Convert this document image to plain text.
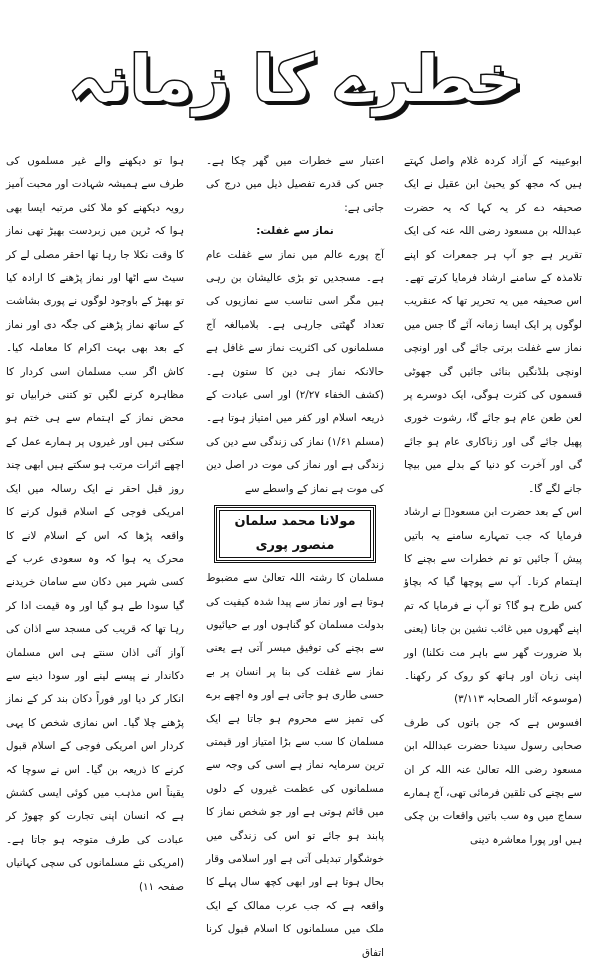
خطرے کا زمانہ

ابوعیینہ کے آزاد کردہ غلام واصل کہتے ہیں کہ مجھ کو یحییٰ ابن عقیل نے ایک صحیفہ دے کر یہ کہا کہ یہ حضرت عبداللہ بن مسعود رضی اللہ عنہ کی ایک تقریر ہے جو آپ ہر جمعرات کو اپنے تلامذہ کے سامنے ارشاد فرمایا کرتے تھے۔ اس صحیفہ میں یہ تحریر تھا کہ عنقریب لوگوں پر ایک ایسا زمانہ آئے گا جس میں نماز سے غفلت برتی جائے گی اور اونچی اونچی بلڈنگیں بنائی جائیں گی جھوٹی قسموں کی کثرت ہوگی، ایک دوسرے پر لعن طعن عام ہو جائے گا، رشوت خوری پھیل جائے گی اور زناکاری عام ہو جائے گی اور آخرت کو دنیا کے بدلے میں بیچا جانے لگے گا۔

اس کے بعد حضرت ابن مسعودؓ نے ارشاد فرمایا کہ جب تمہارے سامنے یہ باتیں پیش آ جائیں تو تم خطرات سے بچنے کا اہتمام کرنا۔ آپ سے پوچھا گیا کہ بچاؤ کس طرح ہو گا؟ تو آپ نے فرمایا کہ تم اپنے گھروں میں غائب نشین بن جانا (یعنی بلا ضرورت گھر سے باہر مت نکلنا) اور اپنی زبان اور ہاتھ کو روک کر رکھنا۔ (موسوعہ آثار الصحابہ ۳/۱۱۳)

افسوس ہے کہ جن باتوں کی طرف صحابی رسول سیدنا حضرت عبداللہ ابن مسعود رضی اللہ تعالیٰ عنہ اللہ کر ان سے بچنے کی تلقین فرمائی تھی، آج ہمارے سماج میں وہ سب باتیں واقعات بن چکی ہیں اور پورا معاشرہ دینی

اعتبار سے خطرات میں گھر چکا ہے۔ جس کی قدرے تفصیل ذیل میں درج کی جاتی ہے:

نماز سے غفلت:

آج پورے عالم میں نماز سے غفلت عام ہے۔ مسجدیں تو بڑی عالیشان بن رہی ہیں مگر اسی تناسب سے نمازیوں کی تعداد گھٹتی جارہی ہے۔ بلامبالغہ آج مسلمانوں کی اکثریت نماز سے غافل ہے حالانکہ نماز ہی دین کا ستون ہے۔ (کشف الخفاء ۲/۲۷) اور اسی عبادت کے ذریعہ اسلام اور کفر میں امتیاز ہوتا ہے۔ (مسلم ۱/۶۱) نماز کی زندگی سے دین کی زندگی ہے اور نماز کی موت در اصل دین کی موت ہے نماز کے واسطے سے

مولانا محمد سلمان منصور پوری

مسلمان کا رشتہ اللہ تعالیٰ سے مضبوط ہوتا ہے اور نماز سے پیدا شدہ کیفیت کی بدولت مسلمان کو گناہوں اور بے حیائیوں سے بچنے کی توفیق میسر آتی ہے یعنی نماز سے غفلت کی بنا پر انسان پر بے حسی طاری ہو جاتی ہے اور وہ اچھے برے کی تمیز سے محروم ہو جاتا ہے ایک مسلمان کا سب سے بڑا امتیاز اور قیمتی ترین سرمایہ نماز ہے اسی کی وجہ سے مسلمانوں کی عظمت غیروں کے دلوں میں قائم ہوتی ہے اور جو شخص نماز کا پابند ہو جائے تو اس کی زندگی میں خوشگوار تبدیلی آتی ہے اور اسلامی وقار بحال ہوتا ہے اور ابھی کچھ سال پہلے کا واقعہ ہے کہ جب عرب ممالک کے ایک ملک میں مسلمانوں کا اسلام قبول کرنا اتفاق

ہوا تو دیکھنے والے غیر مسلموں کی طرف سے ہمیشہ شہادت اور محبت آمیز رویہ دیکھنے کو ملا کئی مرتبہ ایسا بھی ہوا کہ ٹرین میں زبردست بھیڑ تھی نماز کا وقت نکلا جا رہا تھا احقر مصلی لے کر سیٹ سے اٹھا اور نماز پڑھنے کا ارادہ کیا تو بھیڑ کے باوجود لوگوں نے پوری بشاشت کے ساتھ نماز پڑھنے کی جگہ دی اور نماز کے بعد بھی بہت اکرام کا معاملہ کیا۔ کاش اگر سب مسلمان اسی کردار کا مظاہرہ کرنے لگیں تو کتنی خرابیاں تو محض نماز کے اہتمام سے ہی ختم ہو سکتی ہیں اور غیروں پر ہمارے عمل کے اچھے اثرات مرتب ہو سکتے ہیں ابھی چند روز قبل احقر نے ایک رسالہ میں ایک امریکی فوجی کے اسلام قبول کرنے کا واقعہ پڑھا کہ اس کے اسلام لانے کا محرک یہ ہوا کہ وہ سعودی عرب کے کسی شہر میں دکان سے سامان خریدنے گیا سودا طے ہو گیا اور وہ قیمت ادا کر رہا تھا کہ قریب کی مسجد سے اذان کی آواز آئی اذان سنتے ہی اس مسلمان دکاندار نے پیسے لینے اور سودا دینے سے انکار کر دیا اور فوراً دکان بند کر کے نماز پڑھنے چلا گیا۔ اس نمازی شخص کا یہی کردار اس امریکی فوجی کے اسلام قبول کرنے کا ذریعہ بن گیا۔ اس نے سوچا کہ یقیناً اس مذہب میں کوئی ایسی کشش ہے کہ انسان اپنی تجارت کو چھوڑ کر عبادت کی طرف متوجہ ہو جاتا ہے۔ (امریکی نئے مسلمانوں کی سچی کہانیاں صفحہ ۱۱)
